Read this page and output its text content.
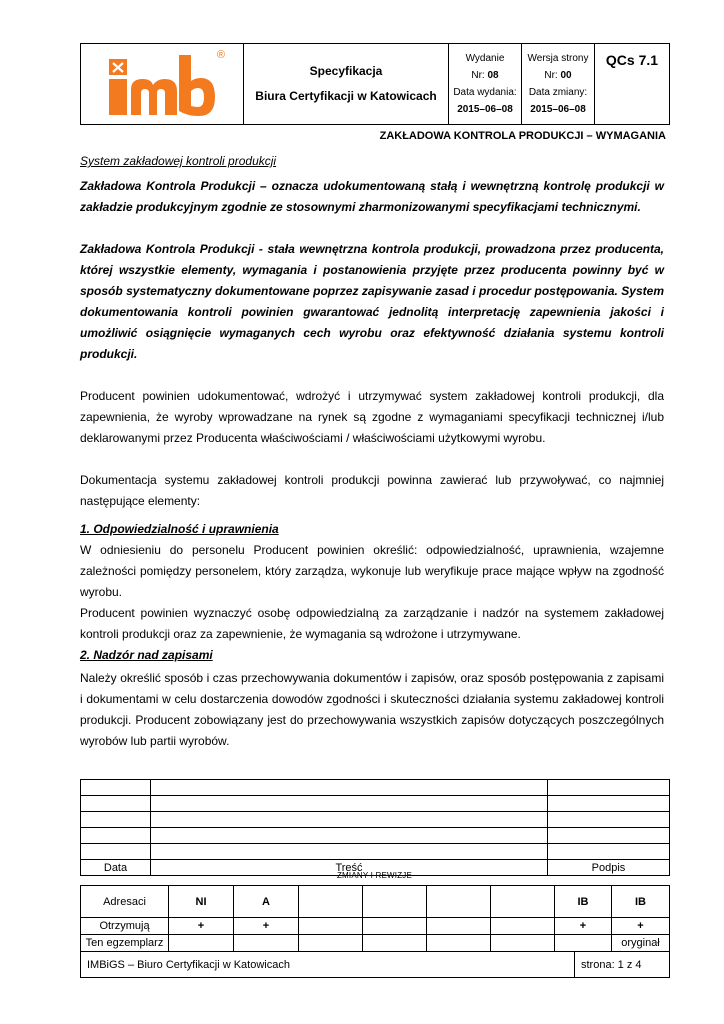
®

Specyfikacja
Biura Certyfikacji w Katowicach

Wydanie
Nr: 08
Data wydania:
2015–06–08

Wersja strony
Nr: 00
Data zmiany:
2015–06–08
	QCs 7.1
ZAKŁADOWA KONTROLA PRODUKCJI – WYMAGANIA

System zakładowej kontroli produkcji

Zakładowa Kontrola Produkcji – oznacza udokumentowaną stałą i wewnętrzną kontrolę produkcji w zakładzie produkcyjnym zgodnie ze stosownymi zharmonizowanymi specyfikacjami technicznymi.

Zakładowa Kontrola Produkcji - stała wewnętrzna kontrola produkcji, prowadzona przez producenta, której wszystkie elementy, wymagania i postanowienia przyjęte przez producenta powinny być w sposób systematyczny dokumentowane poprzez zapisywanie zasad i procedur postępowania. System dokumentowania kontroli powinien gwarantować jednolitą interpretację zapewnienia jakości i umożliwić osiągnięcie wymaganych cech wyrobu oraz efektywność działania systemu kontroli produkcji.

Producent powinien udokumentować, wdrożyć i utrzymywać system zakładowej kontroli produkcji, dla zapewnienia, że wyroby wprowadzane na rynek są zgodne z wymaganiami specyfikacji technicznej i/lub deklarowanymi przez Producenta właściwościami / właściwościami użytkowymi wyrobu.

Dokumentacja systemu zakładowej kontroli produkcji powinna zawierać lub przywoływać, co najmniej następujące elementy:

1. Odpowiedzialność i uprawnienia

W odniesieniu do personelu Producent powinien określić: odpowiedzialność, uprawnienia, wzajemne zależności pomiędzy personelem, który zarządza, wykonuje lub weryfikuje prace mające wpływ na zgodność wyrobu.

Producent powinien wyznaczyć osobę odpowiedzialną za zarządzanie i nadzór na systemem zakładowej kontroli produkcji oraz za zapewnienie, że wymagania są wdrożone i utrzymywane.

2. Nadzór nad zapisami

Należy określić sposób i czas przechowywania dokumentów i zapisów, oraz sposób postępowania z zapisami i dokumentami w celu dostarczenia dowodów zgodności i skuteczności działania systemu zakładowej kontroli produkcji. Producent zobowiązany jest do przechowywania wszystkich zapisów dotyczących poszczególnych wyrobów lub partii wyrobów.

Data	Treść	Podpis
ZMIANY I REWIZJE
Adresaci	NI	A					IB	IB
Otrzymują	+	+					+	+
Ten egzemplarz								oryginał
IMBiGS – Biuro Certyfikacji w Katowicach	strona: 1 z 4
